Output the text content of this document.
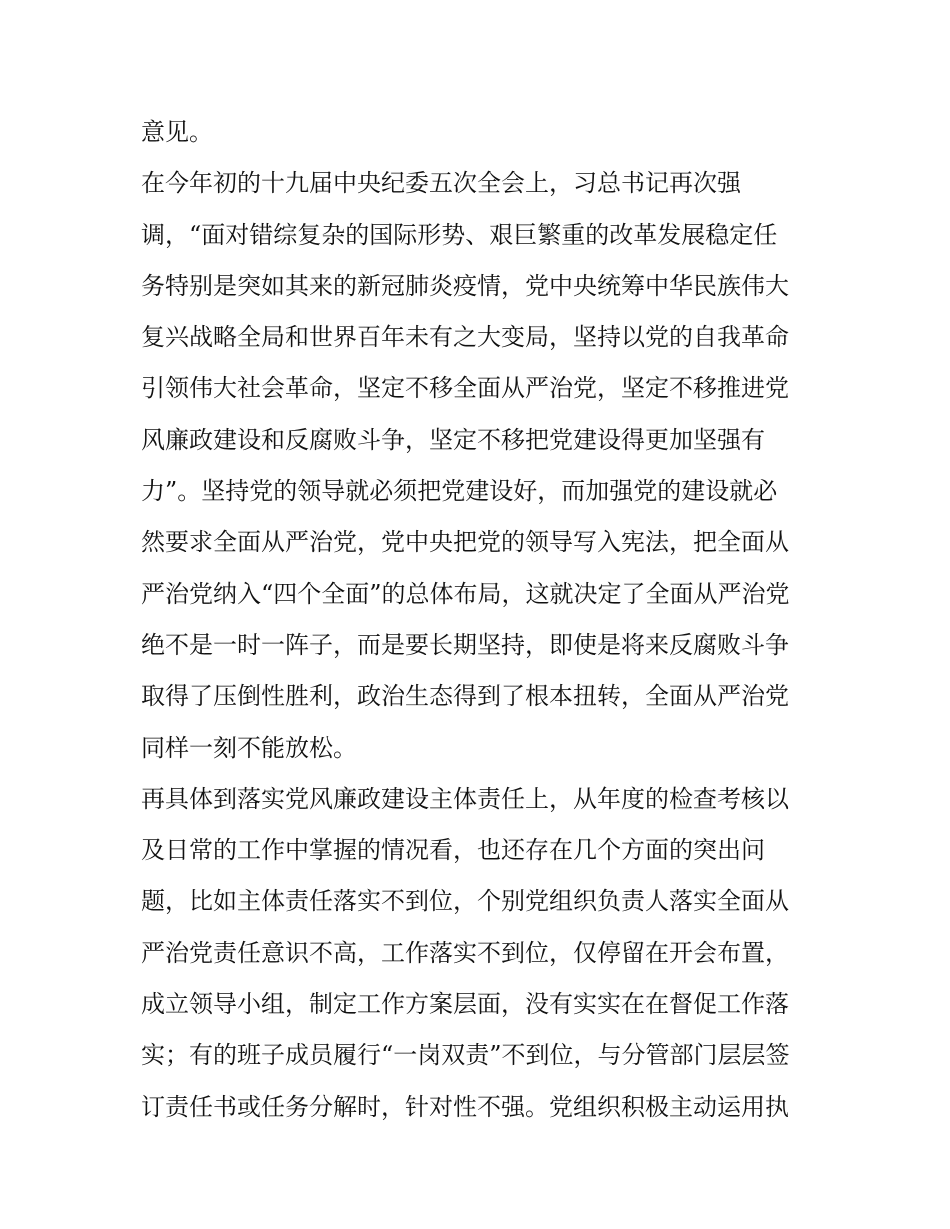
意见。
在今年初的十九届中央纪委五次全会上，习总书记再次强
调，“面对错综复杂的国际形势、艰巨繁重的改革发展稳定任
务特别是突如其来的新冠肺炎疫情，党中央统筹中华民族伟大
复兴战略全局和世界百年未有之大变局，坚持以党的自我革命
引领伟大社会革命，坚定不移全面从严治党，坚定不移推进党
风廉政建设和反腐败斗争，坚定不移把党建设得更加坚强有
力”。坚持党的领导就必须把党建设好，而加强党的建设就必
然要求全面从严治党，党中央把党的领导写入宪法，把全面从
严治党纳入“四个全面”的总体布局，这就决定了全面从严治党
绝不是一时一阵子，而是要长期坚持，即使是将来反腐败斗争
取得了压倒性胜利，政治生态得到了根本扭转，全面从严治党
同样一刻不能放松。
再具体到落实党风廉政建设主体责任上，从年度的检查考核以
及日常的工作中掌握的情况看，也还存在几个方面的突出问
题，比如主体责任落实不到位，个别党组织负责人落实全面从
严治党责任意识不高，工作落实不到位，仅停留在开会布置，
成立领导小组，制定工作方案层面，没有实实在在督促工作落
实；有的班子成员履行“一岗双责”不到位，与分管部门层层签
订责任书或任务分解时，针对性不强。党组织积极主动运用执
